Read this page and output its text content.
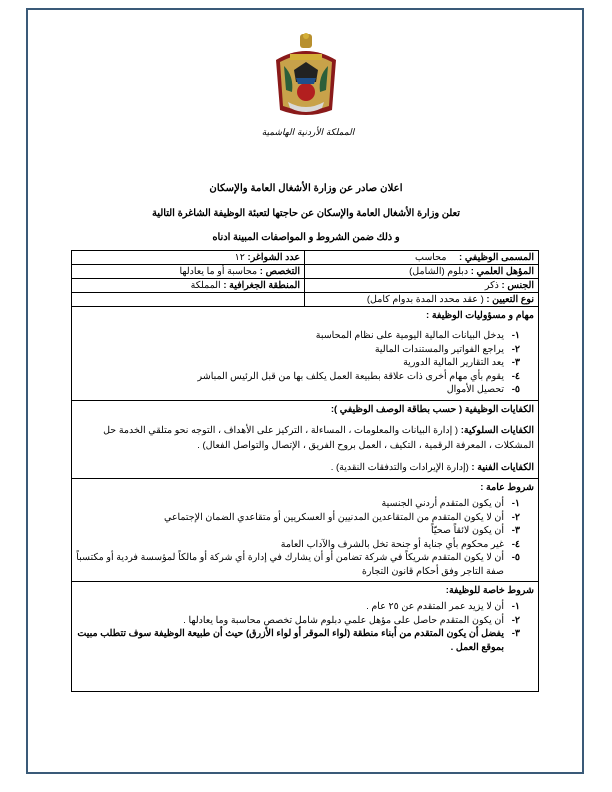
المملكة الأردنية الهاشمية
اعلان صادر عن وزارة الأشغال العامة والإسكان
تعلن وزارة الأشغال العامة والإسكان عن حاجتها لتعبئة الوظيفة الشاغرة التالية
و ذلك ضمن الشروط و المواصفات المبينة ادناه
المسمى الوظيفي : محاسب
عدد الشواغر: ١٢
المؤهل العلمي : دبلوم (الشامل)
التخصص : محاسبة أو ما يعادلها
الجنس : ذكر
المنطقة الجغرافية : المملكة
نوع التعيين : ( عقد محدد المدة بدوام كامل)
مهام و مسؤوليات الوظيفة :
١-
يدخل البيانات المالية اليومية على نظام المحاسبة
٢-
يراجع الفواتير والمستندات المالية
٣-
يعد التقارير المالية الدورية
٤-
يقوم بأي مهام أخرى ذات علاقة بطبيعة العمل يكلف بها من قبل الرئيس المباشر
٥-
تحصيل الأموال
الكفايات الوظيفية ( حسب بطاقة الوصف الوظيفي ):
الكفايات السلوكية: ( إدارة البيانات والمعلومات ، المساءلة ، التركيز على الأهداف ، التوجه نحو متلقي الخدمة حل المشكلات ، المعرفة الرقمية ، التكيف ، العمل بروح الفريق ، الإتصال والتواصل الفعال) .
الكفايات الفنية : (إدارة الإيرادات والتدفقات النقدية) .
شروط عامة :
١-
أن يكون المتقدم أردني الجنسية
٢-
أن لا يكون المتقدم من المتقاعدين المدنيين أو العسكريين أو متقاعدي الضمان الإجتماعي
٣-
أن يكون لائقاً صحيّاً
٤-
غير محكوم بأي جناية أو جنحة تخل بالشرف والآداب العامة
٥-
أن لا يكون المتقدم شريكاً في شركة تضامن أو أن يشارك في إدارة أي شركة أو مالكاً لمؤسسة فردية أو مكتسباً صفة التاجر وفق أحكام قانون التجارة
شروط خاصة للوظيفة:
١-
أن لا يزيد عمر المتقدم عن ٢٥ عام .
٢-
أن يكون المتقدم حاصل على مؤهل علمي دبلوم شامل تخصص محاسبة وما يعادلها .
٣-
يفضل أن يكون المتقدم من أبناء منطقة (لواء الموقر أو لواء الأزرق) حيث أن طبيعة الوظيفة سوف تتطلب مبيت بموقع العمل .
